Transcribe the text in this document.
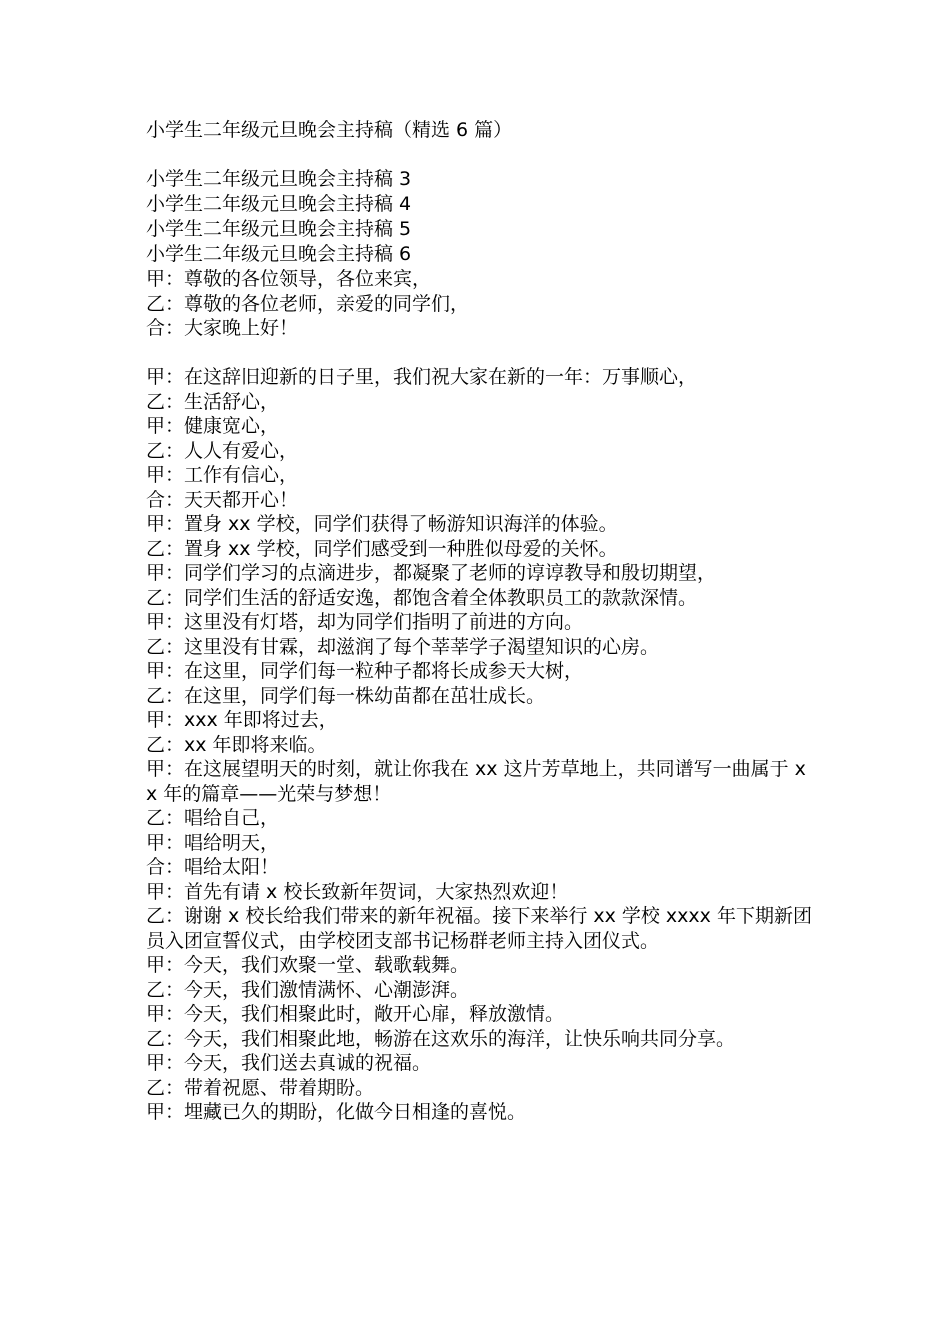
小学生二年级元旦晚会主持稿（精选 6 篇）
小学生二年级元旦晚会主持稿 3
小学生二年级元旦晚会主持稿 4
小学生二年级元旦晚会主持稿 5
小学生二年级元旦晚会主持稿 6

甲：尊敬的各位领导，各位来宾，

乙：尊敬的各位老师，亲爱的同学们，

合：大家晚上好！

甲：在这辞旧迎新的日子里，我们祝大家在新的一年：万事顺心，

乙：生活舒心，

甲：健康宽心，

乙：人人有爱心，

甲：工作有信心，

合：天天都开心！

甲：置身 xx 学校，同学们获得了畅游知识海洋的体验。

乙：置身 xx 学校，同学们感受到一种胜似母爱的关怀。

甲：同学们学习的点滴进步，都凝聚了老师的谆谆教导和殷切期望，

乙：同学们生活的舒适安逸，都饱含着全体教职员工的款款深情。

甲：这里没有灯塔，却为同学们指明了前进的方向。

乙：这里没有甘霖，却滋润了每个莘莘学子渴望知识的心房。

甲：在这里，同学们每一粒种子都将长成参天大树，

乙：在这里，同学们每一株幼苗都在茁壮成长。

甲：xxx 年即将过去，

乙：xx 年即将来临。

甲：在这展望明天的时刻，就让你我在 xx 这片芳草地上，共同谱写一曲属于 xx 年的篇章——光荣与梦想！

乙：唱给自己，

甲：唱给明天，

合：唱给太阳！

甲：首先有请 x 校长致新年贺词，大家热烈欢迎！

乙：谢谢 x 校长给我们带来的新年祝福。接下来举行 xx 学校 xxxx 年下期新团员入团宣誓仪式，由学校团支部书记杨群老师主持入团仪式。

甲：今天，我们欢聚一堂、载歌载舞。

乙：今天，我们激情满怀、心潮澎湃。

甲：今天，我们相聚此时，敞开心扉，释放激情。

乙：今天，我们相聚此地，畅游在这欢乐的海洋，让快乐响共同分享。

甲：今天，我们送去真诚的祝福。

乙：带着祝愿、带着期盼。

甲：埋藏已久的期盼，化做今日相逢的喜悦。
